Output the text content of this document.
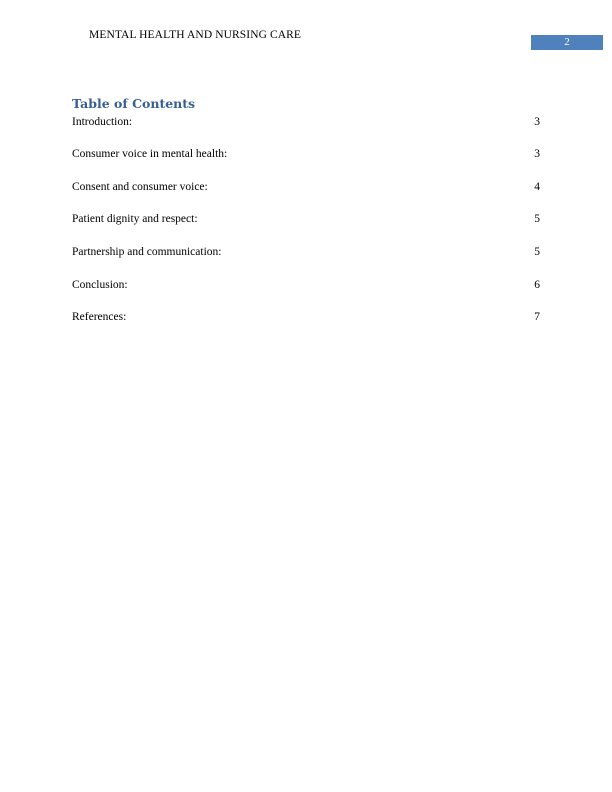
MENTAL HEALTH AND NURSING CARE
2
Table of Contents
Introduction:	3
Consumer voice in mental health:	3
Consent and consumer voice:	4
Patient dignity and respect:	5
Partnership and communication:	5
Conclusion:	6
References:	7
